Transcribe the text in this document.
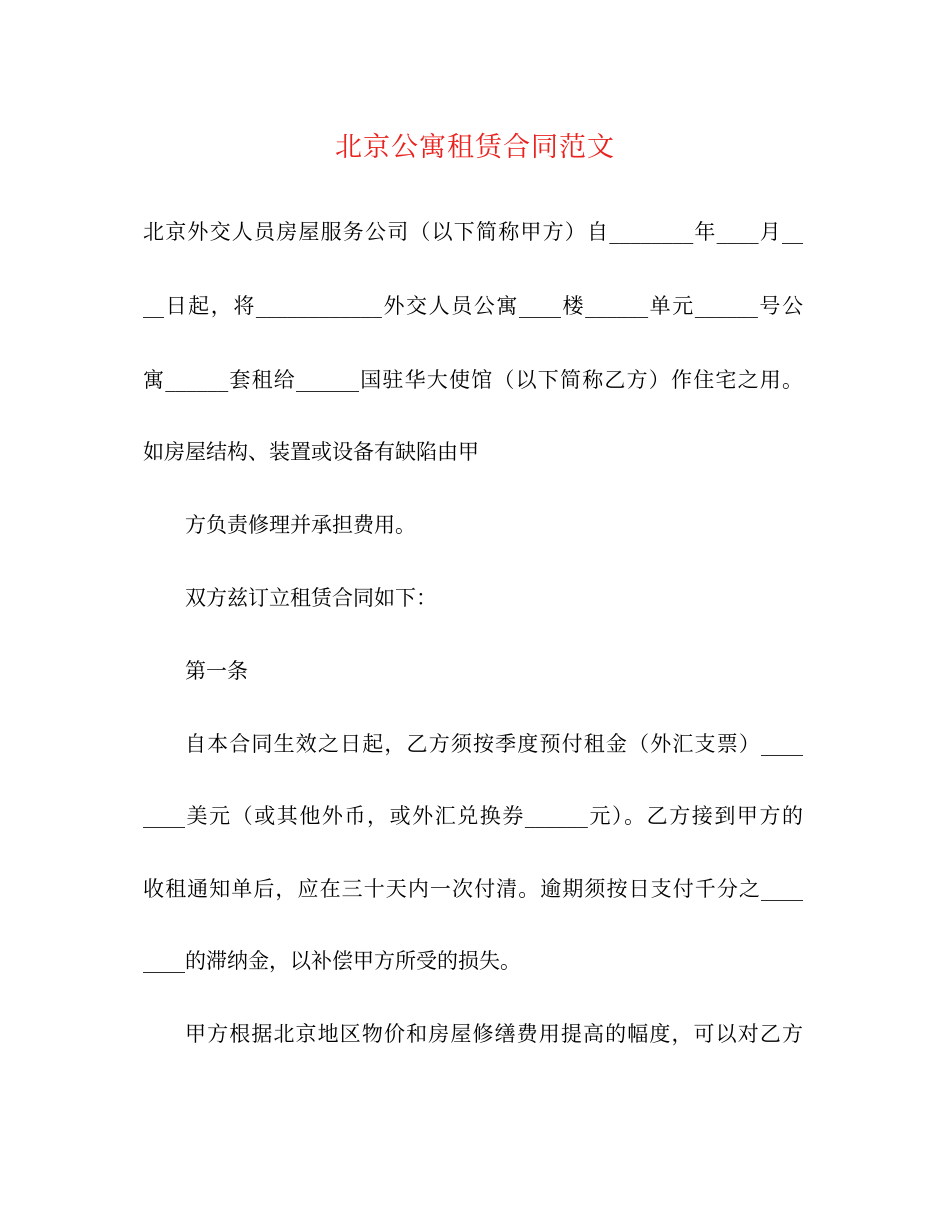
北京公寓租赁合同范文
北京外交人员房屋服务公司（以下简称甲方）自________年____月__
__日起，将____________外交人员公寓____楼______单元______号公
寓______套租给______国驻华大使馆（以下简称乙方）作住宅之用。
如房屋结构、装置或设备有缺陷由甲
方负责修理并承担费用。
双方兹订立租赁合同如下：
第一条
自本合同生效之日起，乙方须按季度预付租金（外汇支票）____
____美元（或其他外币，或外汇兑换券______元）。乙方接到甲方的
收租通知单后，应在三十天内一次付清。逾期须按日支付千分之____
____的滞纳金，以补偿甲方所受的损失。
甲方根据北京地区物价和房屋修缮费用提高的幅度，可以对乙方
